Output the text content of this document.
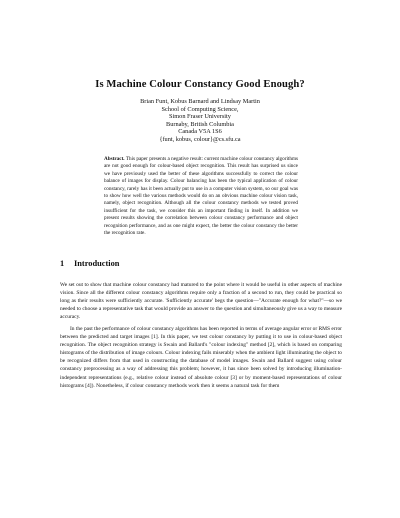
Is Machine Colour Constancy Good Enough?
Brian Funt, Kobus Barnard and Lindsay Martin
School of Computing Science,
Simon Fraser University
Burnaby, British Columbia
Canada V5A 1S6
{funt, kobus, colour}@cs.sfu.ca
Abstract. This paper presents a negative result: current machine colour constancy algorithms are not good enough for colour-based object recognition. This result has surprised us since we have previously used the better of these algorithms successfully to correct the colour balance of images for display. Colour balancing has been the typical application of colour constancy, rarely has it been actually put to use in a computer vision system, so our goal was to show how well the various methods would do on an obvious machine colour vision task, namely, object recognition. Although all the colour constancy methods we tested proved insufficient for the task, we consider this an important finding in itself. In addition we present results showing the correlation between colour constancy performance and object recognition performance, and as one might expect, the better the colour constancy the better the recognition rate.
1 Introduction

We set out to show that machine colour constancy had matured to the point where it would be useful in other aspects of machine vision. Since all the different colour constancy algorithms require only a fraction of a second to run, they could be practical so long as their results were sufficiently accurate. 'Sufficiently accurate' begs the question—"Accurate enough for what?"—so we needed to choose a representative task that would provide an answer to the question and simultaneously give us a way to measure accuracy.

In the past the performance of colour constancy algorithms has been reported in terms of average angular error or RMS error between the predicted and target images [1]. In this paper, we test colour constancy by putting it to use in colour-based object recognition. The object recognition strategy is Swain and Ballard's "colour indexing" method [2], which is based on comparing histograms of the distribution of image colours. Colour indexing fails miserably when the ambient light illuminating the object to be recognized differs from that used in constructing the database of model images. Swain and Ballard suggest using colour constancy preprocessing as a way of addressing this problem; however, it has since been solved by introducing illumination-independent representations (e.g., relative colour instead of absolute colour [3] or by moment-based representations of colour histograms [4]). Nonetheless, if colour constancy methods work then it seems a natural task for them
